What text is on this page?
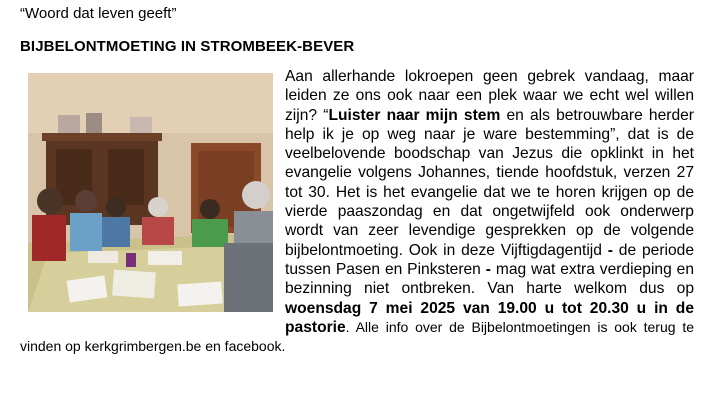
“Woord dat leven geeft”
BIJBELONTMOETING IN STROMBEEK-BEVER
Aan allerhande lokroepen geen gebrek vandaag, maar leiden ze ons ook naar een plek waar we echt wel willen zijn? “Luister naar mijn stem en als betrouwbare herder help ik je op weg naar je ware bestemming”, dat is de veelbelovende boodschap van Jezus die opklinkt in het evangelie volgens Johannes, tiende hoofdstuk, verzen 27 tot 30. Het is het evangelie dat we te horen krijgen op de vierde paaszondag en dat ongetwijfeld ook onderwerp wordt van zeer levendige gesprekken op de volgende bijbelontmoeting. Ook in deze Vijftigdagentijd - de periode tussen Pasen en Pinksteren - mag wat extra verdieping en bezinning niet ontbreken. Van harte welkom dus op woensdag 7 mei 2025 van 19.00 u tot 20.30 u in de pastorie. Alle info over de Bijbelontmoetingen is ook terug te vinden op kerkgrimbergen.be en facebook.
